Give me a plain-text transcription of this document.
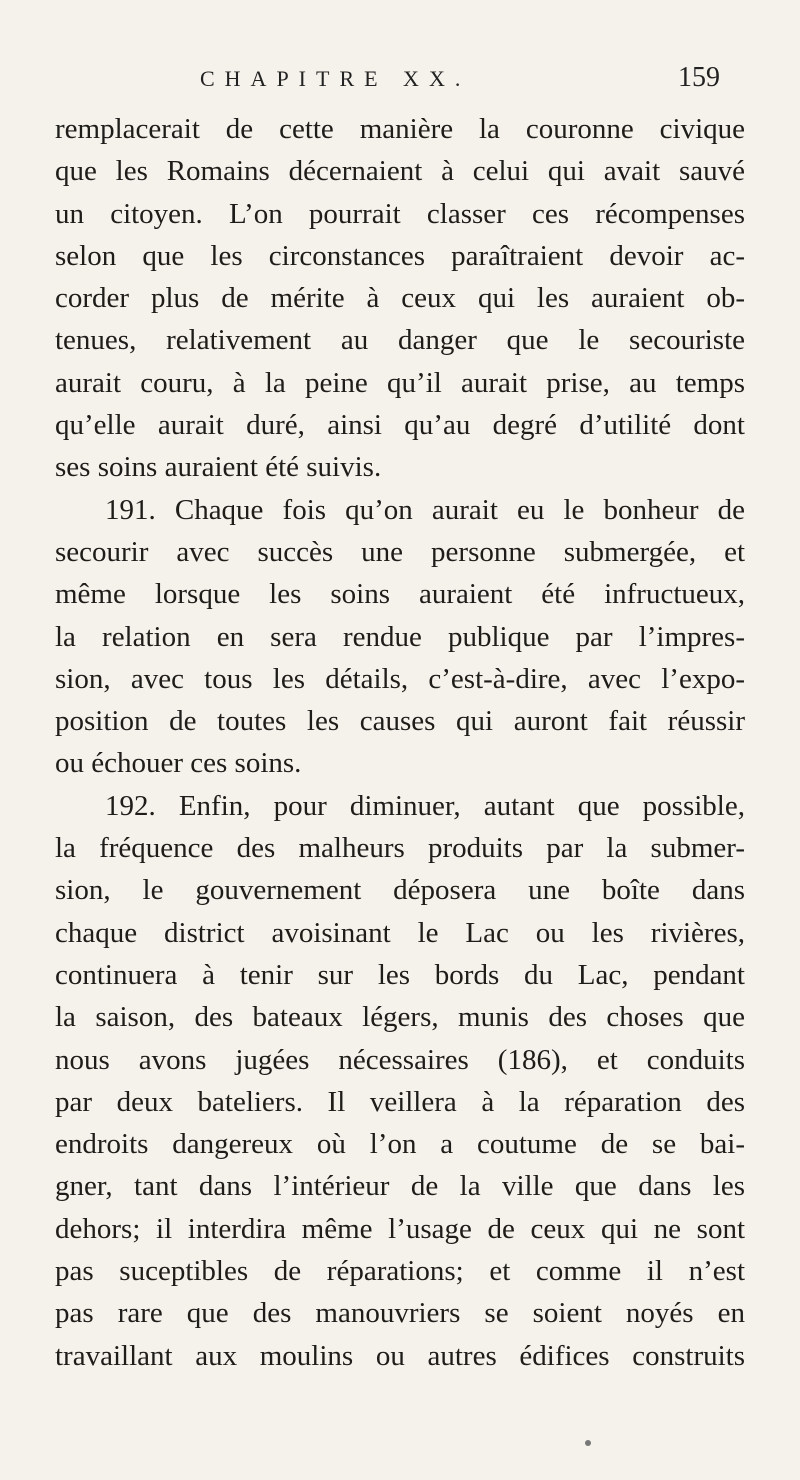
CHAPITRE XX.	159
remplacerait de cette manière la couronne civique
que les Romains décernaient à celui qui avait sauvé
un citoyen. L’on pourrait classer ces récompenses
selon que les circonstances paraîtraient devoir ac-
corder plus de mérite à ceux qui les auraient ob-
tenues, relativement au danger que le secouriste
aurait couru, à la peine qu’il aurait prise, au temps
qu’elle aurait duré, ainsi qu’au degré d’utilité dont
ses soins auraient été suivis.
191. Chaque fois qu’on aurait eu le bonheur de
secourir avec succès une personne submergée, et
même lorsque les soins auraient été infructueux,
la relation en sera rendue publique par l’impres-
sion, avec tous les détails, c’est-à-dire, avec l’expo-
position de toutes les causes qui auront fait réussir
ou échouer ces soins.
192. Enfin, pour diminuer, autant que possible,
la fréquence des malheurs produits par la submer-
sion, le gouvernement déposera une boîte dans
chaque district avoisinant le Lac ou les rivières,
continuera à tenir sur les bords du Lac, pendant
la saison, des bateaux légers, munis des choses que
nous avons jugées nécessaires (186), et conduits
par deux bateliers. Il veillera à la réparation des
endroits dangereux où l’on a coutume de se bai-
gner, tant dans l’intérieur de la ville que dans les
dehors; il interdira même l’usage de ceux qui ne sont
pas suceptibles de réparations; et comme il n’est
pas rare que des manouvriers se soient noyés en
travaillant aux moulins ou autres édifices construits
